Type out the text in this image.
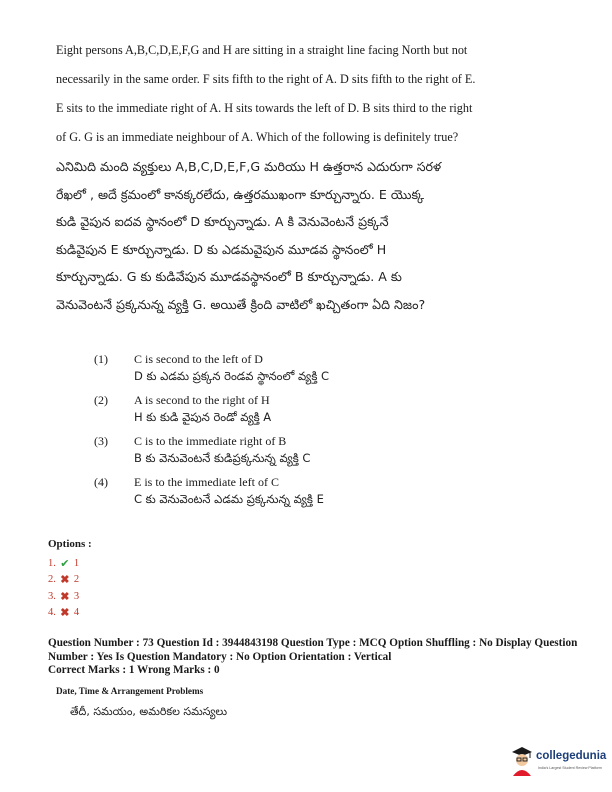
Eight persons A,B,C,D,E,F,G and H are sitting in a straight line facing North but not
necessarily in the same order. F sits fifth to the right of A. D sits fifth to the right of E.
E sits to the immediate right of A. H sits towards the left of D. B sits third to the right
of G. G is an immediate neighbour of A. Which of the following is definitely true?
ఎనిమిది మంది వ్యక్తులు A,B,C,D,E,F,G మరియు H ఉత్తరాన ఎదురుగా సరళ
రేఖలో , అదే క్రమంలో కానక్కరలేదు, ఉత్తరముఖంగా కూర్చున్నారు. E యొక్క
కుడి వైపున ఐదవ స్థానంలో D కూర్చున్నాడు. A కి వెనువెంటనే ప్రక్కనే
కుడివైపున E కూర్చున్నాడు. D కు ఎడమవైపున మూడవ స్థానంలో H
కూర్చున్నాడు. G కు కుడివేపున మూడవస్థానంలో B కూర్చున్నాడు. A కు
వెనువెంటనే ప్రక్కనున్న వ్యక్తి G. అయితే క్రింది వాటిలో ఖచ్చితంగా ఏది నిజం?
(1) C is second to the left of D
D కు ఎడమ ప్రక్కన రెండవ స్థానంలో వ్యక్తి C
(2) A is second to the right of H
H కు కుడి వైపున రెండో వ్యక్తి A
(3) C is to the immediate right of B
B కు వెనువెంటనే కుడిప్రక్కనున్న వ్యక్తి C
(4) E is to the immediate left of C
C కు వెనువెంటనే ఎడమ ప్రక్కనున్న వ్యక్తి E
Options :
1. ✔ 1
2. ✖ 2
3. ✖ 3
4. ✖ 4

Question Number : 73 Question Id : 3944843198 Question Type : MCQ Option Shuffling : No Display Question

Number : Yes Is Question Mandatory : No Option Orientation : Vertical

Correct Marks : 1 Wrong Marks : 0

Date, Time & Arrangement Problems
తేదీ, సమయం, అమరికల సమస్యలు
collegedunia
India's Largest Student Review Platform
